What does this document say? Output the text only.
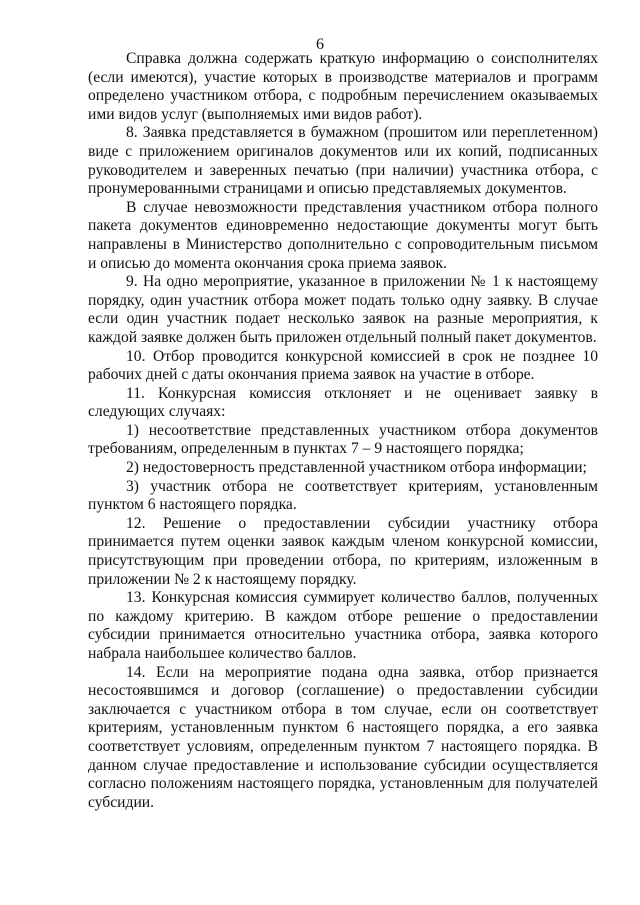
6

Справка должна содержать краткую информацию о соисполнителях (если имеются), участие которых в производстве материалов и программ определено участником отбора, с подробным перечислением оказываемых ими видов услуг (выполняемых ими видов работ).

8. Заявка представляется в бумажном (прошитом или переплетенном) виде с приложением оригиналов документов или их копий, подписанных руководителем и заверенных печатью (при наличии) участника отбора, с пронумерованными страницами и описью представляемых документов.

В случае невозможности представления участником отбора полного пакета документов единовременно недостающие документы могут быть направлены в Министерство дополнительно с сопроводительным письмом и описью до момента окончания срока приема заявок.

9. На одно мероприятие, указанное в приложении № 1 к настоящему порядку, один участник отбора может подать только одну заявку. В случае если один участник подает несколько заявок на разные мероприятия, к каждой заявке должен быть приложен отдельный полный пакет документов.

10. Отбор проводится конкурсной комиссией в срок не позднее 10 рабочих дней с даты окончания приема заявок на участие в отборе.

11. Конкурсная комиссия отклоняет и не оценивает заявку в следующих случаях:

1) несоответствие представленных участником отбора документов требованиям, определенным в пунктах 7 – 9 настоящего порядка;

2) недостоверность представленной участником отбора информации;

3) участник отбора не соответствует критериям, установленным пунктом 6 настоящего порядка.

12. Решение о предоставлении субсидии участнику отбора принимается путем оценки заявок каждым членом конкурсной комиссии, присутствующим при проведении отбора, по критериям, изложенным в приложении № 2 к настоящему порядку.

13. Конкурсная комиссия суммирует количество баллов, полученных по каждому критерию. В каждом отборе решение о предоставлении субсидии принимается относительно участника отбора, заявка которого набрала наибольшее количество баллов.

14. Если на мероприятие подана одна заявка, отбор признается несостоявшимся и договор (соглашение) о предоставлении субсидии заключается с участником отбора в том случае, если он соответствует критериям, установленным пунктом 6 настоящего порядка, а его заявка соответствует условиям, определенным пунктом 7 настоящего порядка. В данном случае предоставление и использование субсидии осуществляется согласно положениям настоящего порядка, установленным для получателей субсидии.
